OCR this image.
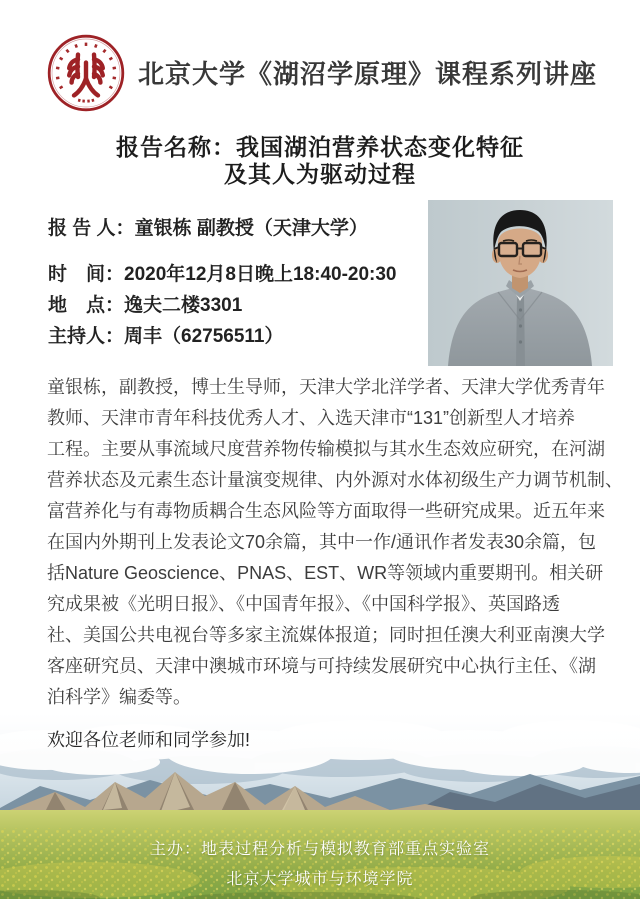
北京大学《湖沼学原理》课程系列讲座
报告名称：我国湖泊营养状态变化特征
及其人为驱动过程
报 告 人：童银栋 副教授（天津大学）
时　间：2020年12月8日晚上18:40-20:30
地　点：逸夫二楼3301
主持人：周丰（62756511）
童银栋，副教授，博士生导师，天津大学北洋学者、天津大学优秀青年
教师、天津市青年科技优秀人才、入选天津市“131”创新型人才培养
工程。主要从事流域尺度营养物传输模拟与其水生态效应研究，在河湖
营养状态及元素生态计量演变规律、内外源对水体初级生产力调节机制、
富营养化与有毒物质耦合生态风险等方面取得一些研究成果。近五年来
在国内外期刊上发表论文70余篇，其中一作/通讯作者发表30余篇，包
括Nature Geoscience、PNAS、EST、WR等领域内重要期刊。相关研
究成果被《光明日报》、《中国青年报》、《中国科学报》、英国路透
社、美国公共电视台等多家主流媒体报道；同时担任澳大利亚南澳大学
客座研究员、天津中澳城市环境与可持续发展研究中心执行主任、《湖
泊科学》编委等。
欢迎各位老师和同学参加!
主办：地表过程分析与模拟教育部重点实验室
北京大学城市与环境学院
